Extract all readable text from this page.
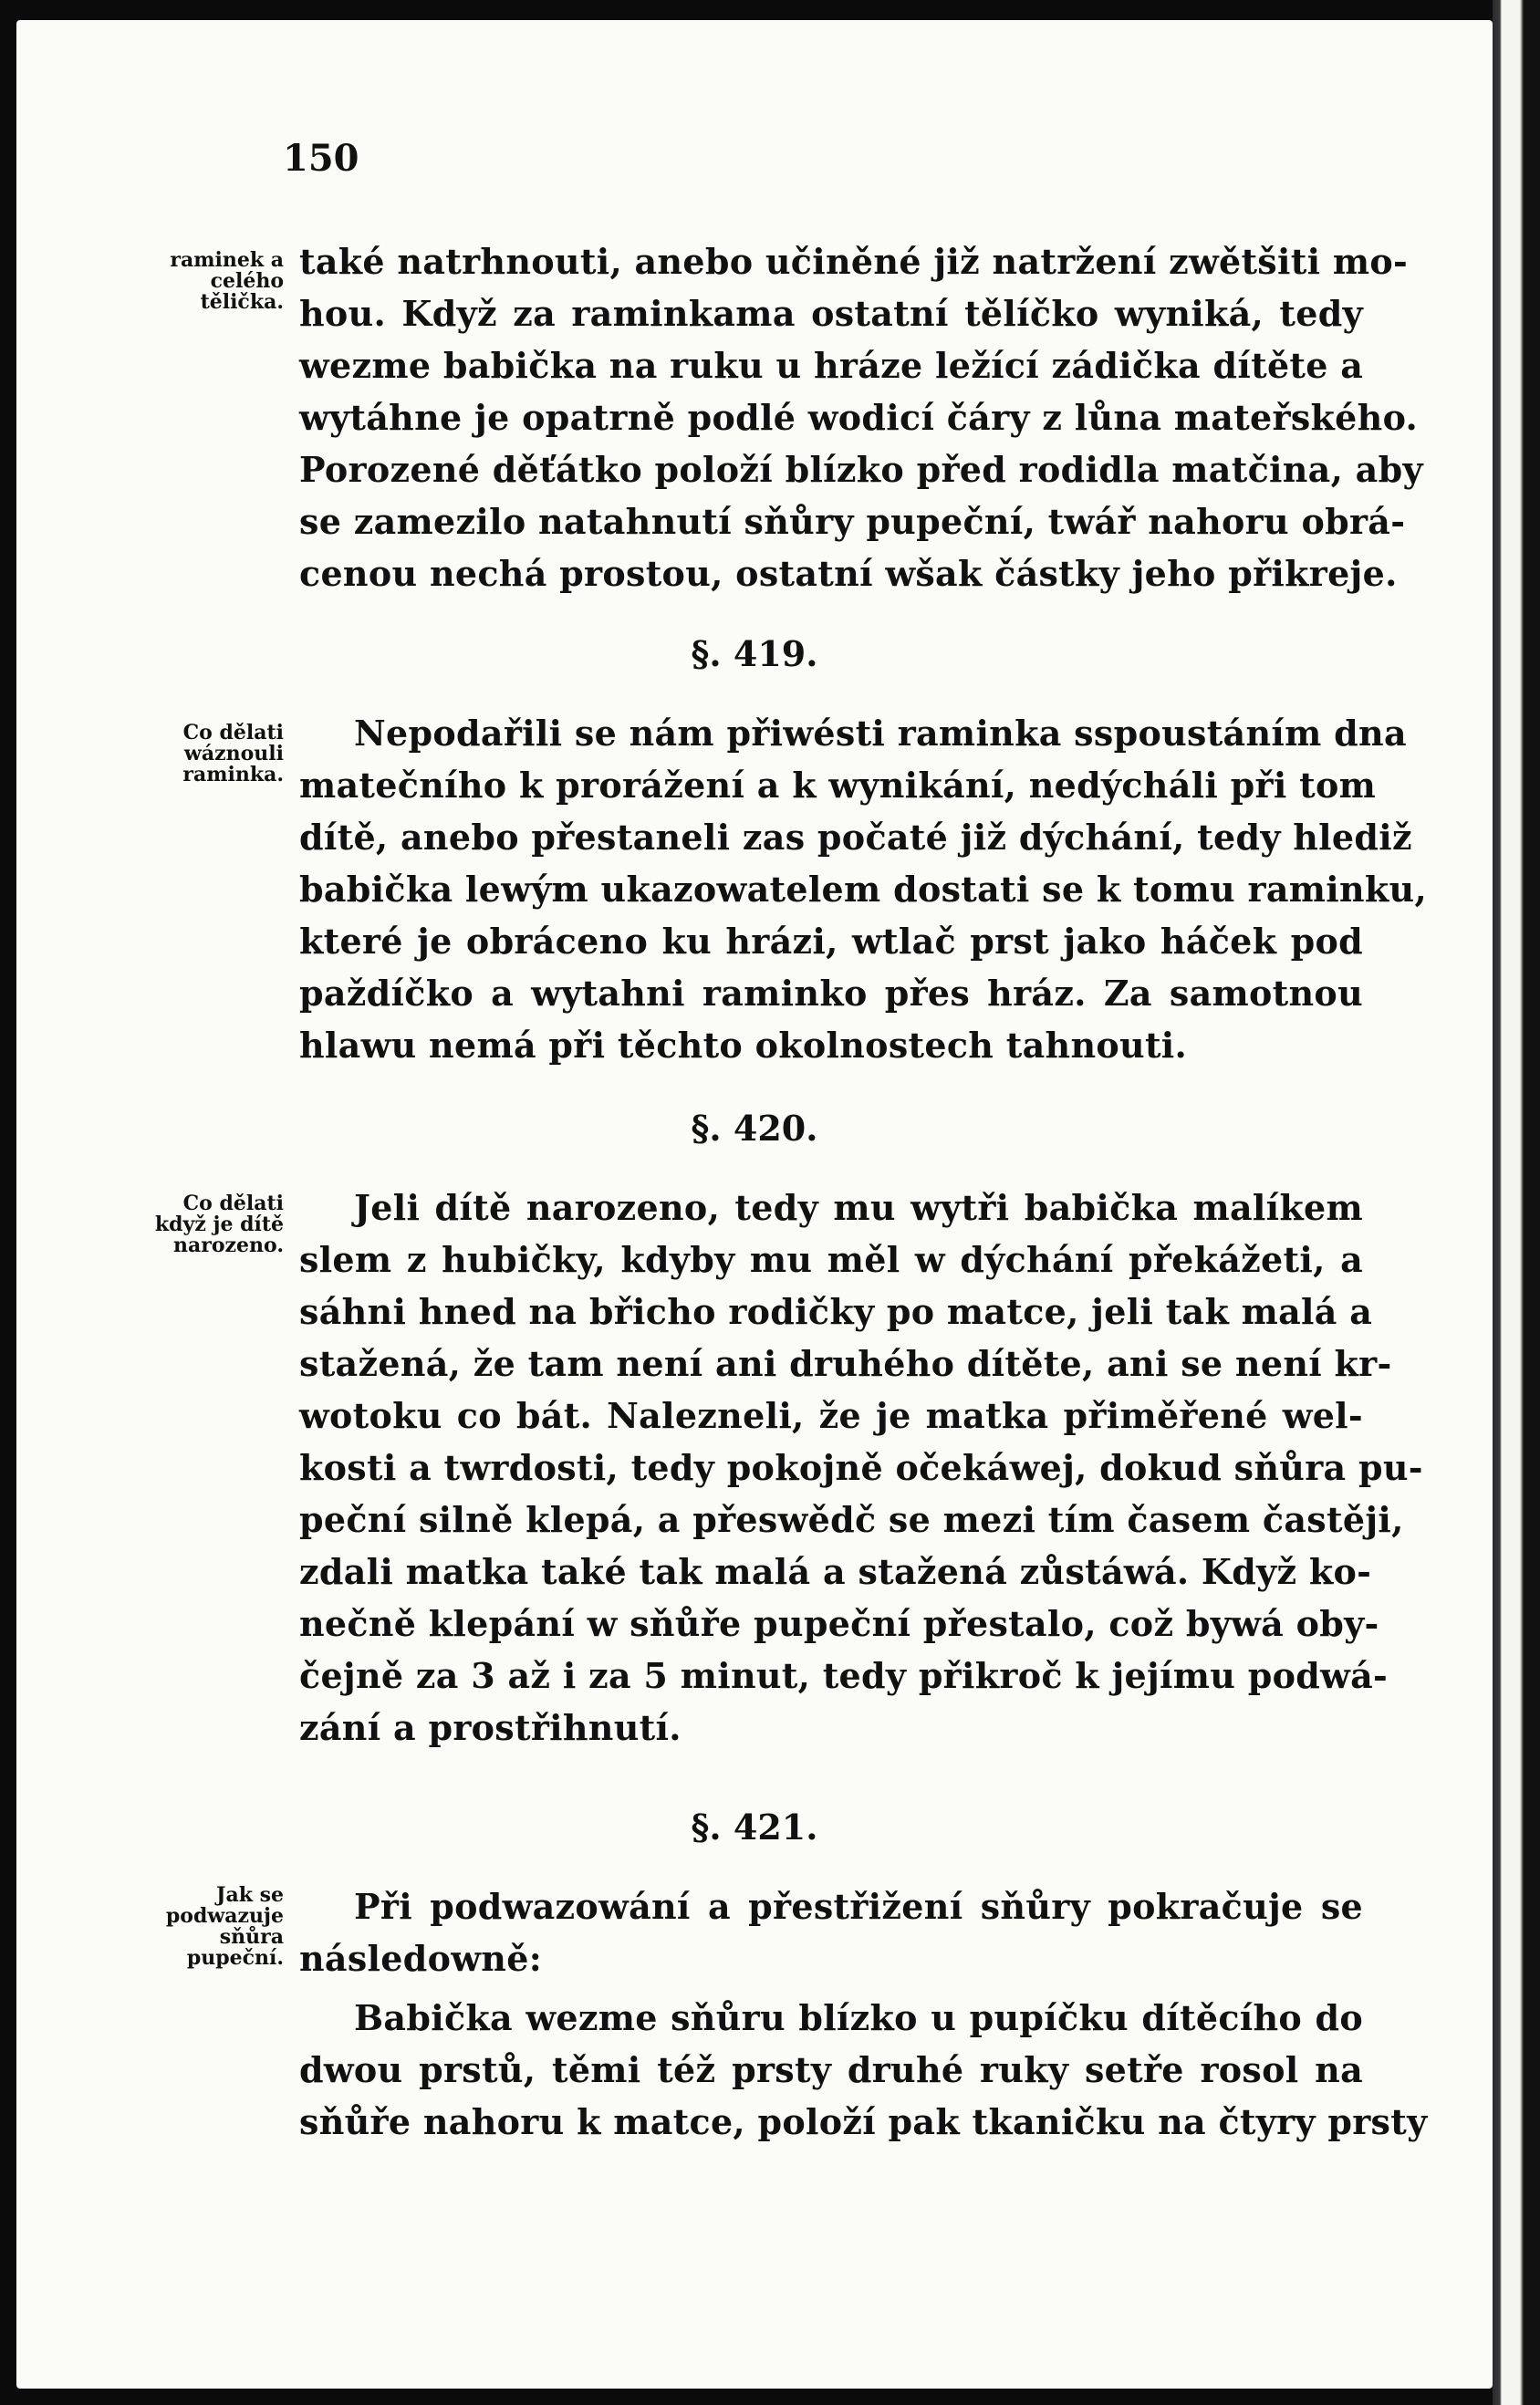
150
raminek a celého tělička.
Co dělati wáznouli raminka.
Co dělati když je dítě narozeno.
Jak se podwazuje sňůra pupeční.
také natrhnouti, anebo učiněné již natržení zwětšiti mo-
hou. Když za raminkama ostatní tělíčko wyniká, tedy
wezme babička na ruku u hráze ležící zádička dítěte a
wytáhne je opatrně podlé wodicí čáry z lůna mateřského.
Porozené děťátko položí blízko před rodidla matčina, aby
se zamezilo natahnutí sňůry pupeční, twář nahoru obrá-
cenou nechá prostou, ostatní wšak částky jeho přikreje.
§. 419.
Nepodařili se nám přiwésti raminka sspoustáním dna
matečního k prorážení a k wynikání, nedýcháli při tom
dítě, anebo přestaneli zas počaté již dýchání, tedy hlediž
babička lewým ukazowatelem dostati se k tomu raminku,
které je obráceno ku hrázi, wtlač prst jako háček pod
paždíčko a wytahni raminko přes hráz. Za samotnou
hlawu nemá při těchto okolnostech tahnouti.
§. 420.
Jeli dítě narozeno, tedy mu wytři babička malíkem
slem z hubičky, kdyby mu měl w dýchání překážeti, a
sáhni hned na břicho rodičky po matce, jeli tak malá a
stažená, že tam není ani druhého dítěte, ani se není kr-
wotoku co bát. Nalezneli, že je matka přiměřené wel-
kosti a twrdosti, tedy pokojně očekáwej, dokud sňůra pu-
peční silně klepá, a přeswědč se mezi tím časem častěji,
zdali matka také tak malá a stažená zůstáwá. Když ko-
nečně klepání w sňůře pupeční přestalo, což bywá oby-
čejně za 3 až i za 5 minut, tedy přikroč k jejímu podwá-
zání a prostřihnutí.
§. 421.
Při podwazowání a přestřižení sňůry pokračuje se
následowně:
Babička wezme sňůru blízko u pupíčku dítěcího do
dwou prstů, těmi též prsty druhé ruky setře rosol na
sňůře nahoru k matce, položí pak tkaničku na čtyry prsty
